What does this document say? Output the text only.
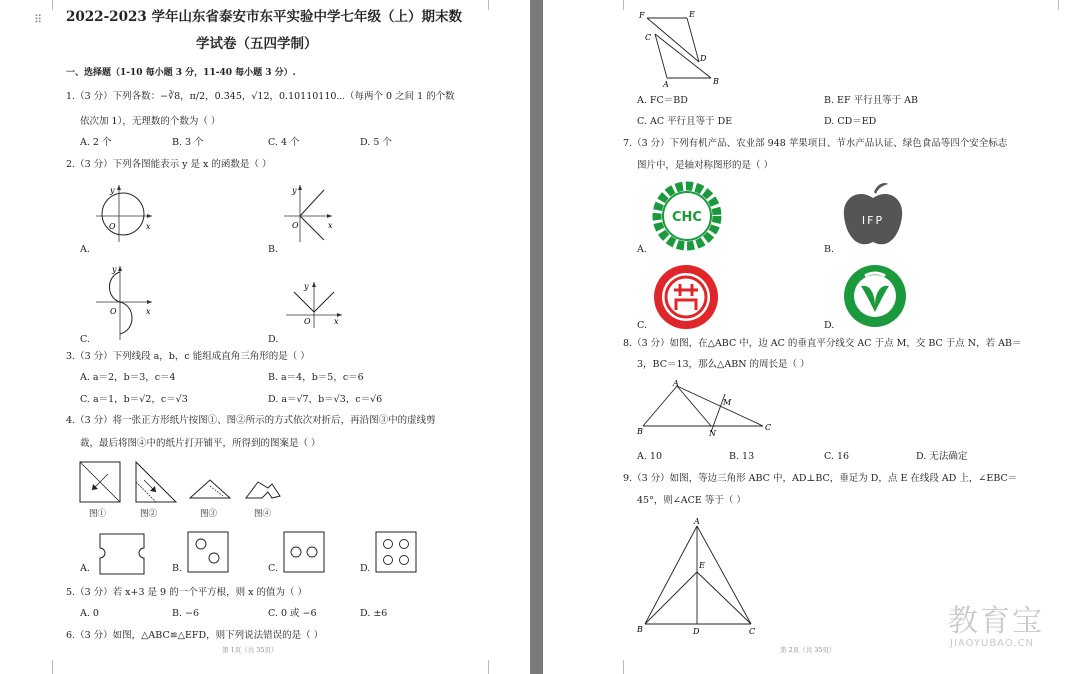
⠿ 2022-2023 学年山东省泰安市东平实验中学七年级（上）期末数
学试卷（五四学制）
一、选择题（1-10 每小题 3 分，11-40 每小题 3 分）.
1.（3 分）下列各数：−∛8，π/2，0.3̇45̇，√12，0.10110110⋯（每两个 0 之间 1 的个数
依次加 1），无理数的个数为（ ）
A. 2 个	B. 3 个	C. 4 个	D. 5 个
2.（3 分）下列各图能表示 y 是 x 的函数是（ ）
y
x
O
A.
y
x
O
B.
y
x
O
C.
y
x
O
D.
3.（3 分）下列线段 a，b，c 能组成直角三角形的是（ ）
A. a＝2，b＝3，c＝4	B. a＝4，b＝5，c＝6
C. a＝1，b＝√2，c＝√3	D. a＝√7，b＝√3，c＝√6
4.（3 分）将一张正方形纸片按图①、图②所示的方式依次对折后，再沿图③中的虚线剪
裁，最后将图④中的纸片打开铺平，所得到的图案是（ ）
图①	图②	图③	图④
A.	B.	C.	D.
5.（3 分）若 x+3 是 9 的一个平方根，则 x 的值为（ ）
A. 0	B. −6	C. 0 或 −6	D. ±6
6.（3 分）如图，△ABC≌△EFD，则下列说法错误的是（ ）
第 1页（共 35页）
F	E
C
D
A	B
A. FC＝BD	B. EF 平行且等于 AB
C. AC 平行且等于 DE	D. CD＝ED
7.（3 分）下列有机产品、农业部 948 苹果项目、节水产品认证、绿色食品等四个安全标志
图片中，是轴对称图形的是（ ）
CHC
A.
IFP
B.
C.	D.
8.（3 分）如图，在△ABC 中，边 AC 的垂直平分线交 AC 于点 M，交 BC 于点 N，若 AB＝
3，BC＝13，那么△ABN 的周长是（ ）
A
M
B	N
C
A. 10	B. 13	C. 16	D. 无法确定
9.（3 分）如图，等边三角形 ABC 中，AD⊥BC，垂足为 D，点 E 在线段 AD 上，∠EBC＝
45°，则∠ACE 等于（ ）
A
E
B	D	C
第 2页（共 35页）
教育宝
JIAOYUBAO.CN
